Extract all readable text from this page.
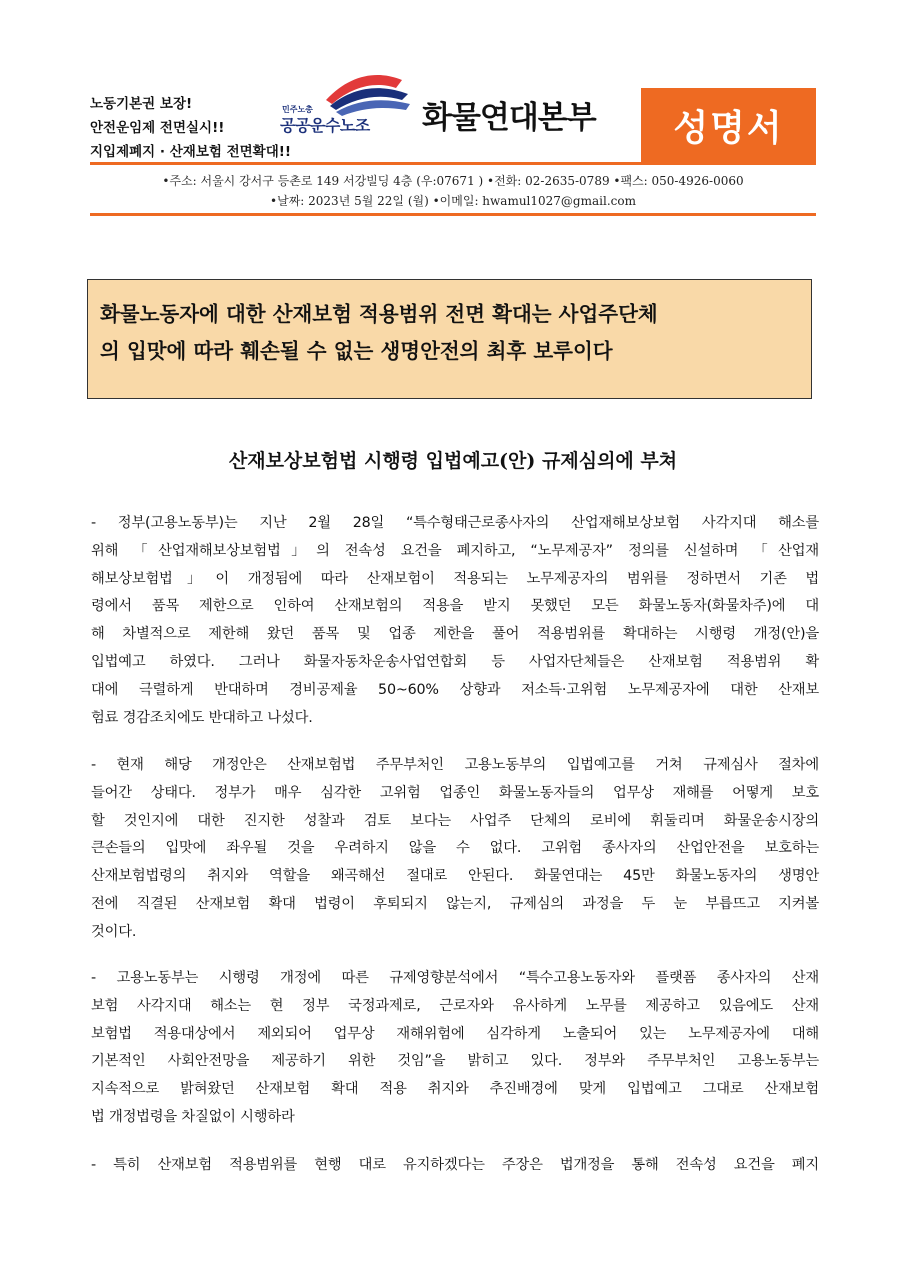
노동기본권 보장!
안전운임제 전면실시!!
지입제폐지 · 산재보험 전면확대!!
민주노총
공공운수노조 화물연대본부	성명서
•주소: 서울시 강서구 등촌로 149 서강빌딩 4층 (우:07671 ) •전화: 02-2635-0789 •팩스: 050-4926-0060
•날짜: 2023년 5월 22일 (월) •이메일: hwamul1027@gmail.com
화물노동자에 대한 산재보험 적용범위 전면 확대는 사업주단체
의 입맛에 따라 훼손될 수 없는 생명안전의 최후 보루이다
산재보상보험법 시행령 입법예고(안) 규제심의에 부쳐
- 정부(고용노동부)는 지난 2월 28일 “특수형태근로종사자의 산업재해보상보험 사각지대 해소를
위해 「산업재해보상보험법」의 전속성 요건을 폐지하고, “노무제공자” 정의를 신설하며 「산업재
해보상보험법」이 개정됨에 따라 산재보험이 적용되는 노무제공자의 범위를 정하면서 기존 법
령에서 품목 제한으로 인하여 산재보험의 적용을 받지 못했던 모든 화물노동자(화물차주)에 대
해 차별적으로 제한해 왔던 품목 및 업종 제한을 풀어 적용범위를 확대하는 시행령 개정(안)을
입법예고 하였다. 그러나 화물자동차운송사업연합회 등 사업자단체들은 산재보험 적용범위 확
대에 극렬하게 반대하며 경비공제율 50~60% 상향과 저소득·고위험 노무제공자에 대한 산재보
험료 경감조치에도 반대하고 나섰다.
- 현재 해당 개정안은 산재보험법 주무부처인 고용노동부의 입법예고를 거쳐 규제심사 절차에
들어간 상태다. 정부가 매우 심각한 고위험 업종인 화물노동자들의 업무상 재해를 어떻게 보호
할 것인지에 대한 진지한 성찰과 검토 보다는 사업주 단체의 로비에 휘둘리며 화물운송시장의
큰손들의 입맛에 좌우될 것을 우려하지 않을 수 없다. 고위험 종사자의 산업안전을 보호하는
산재보험법령의 취지와 역할을 왜곡해선 절대로 안된다. 화물연대는 45만 화물노동자의 생명안
전에 직결된 산재보험 확대 법령이 후퇴되지 않는지, 규제심의 과정을 두 눈 부릅뜨고 지켜볼
것이다.
- 고용노동부는 시행령 개정에 따른 규제영향분석에서 “특수고용노동자와 플랫폼 종사자의 산재
보험 사각지대 해소는 현 정부 국정과제로, 근로자와 유사하게 노무를 제공하고 있음에도 산재
보험법 적용대상에서 제외되어 업무상 재해위험에 심각하게 노출되어 있는 노무제공자에 대해
기본적인 사회안전망을 제공하기 위한 것임”을 밝히고 있다. 정부와 주무부처인 고용노동부는
지속적으로 밝혀왔던 산재보험 확대 적용 취지와 추진배경에 맞게 입법예고 그대로 산재보험
법 개정법령을 차질없이 시행하라
- 특히 산재보험 적용범위를 현행 대로 유지하겠다는 주장은 법개정을 통해 전속성 요건을 폐지
